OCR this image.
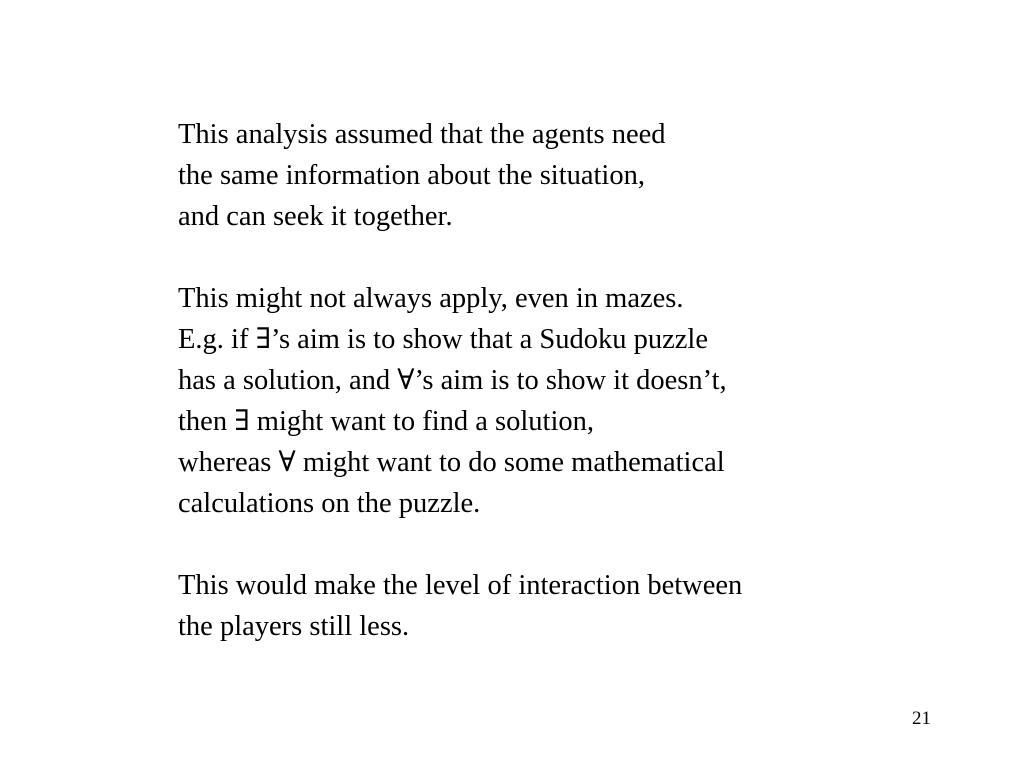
This analysis assumed that the agents need
the same information about the situation,
and can seek it together.
This might not always apply, even in mazes.
E.g. if ∃’s aim is to show that a Sudoku puzzle
has a solution, and ∀’s aim is to show it doesn’t,
then ∃ might want to find a solution,
whereas ∀ might want to do some mathematical
calculations on the puzzle.
This would make the level of interaction between
the players still less.
21
